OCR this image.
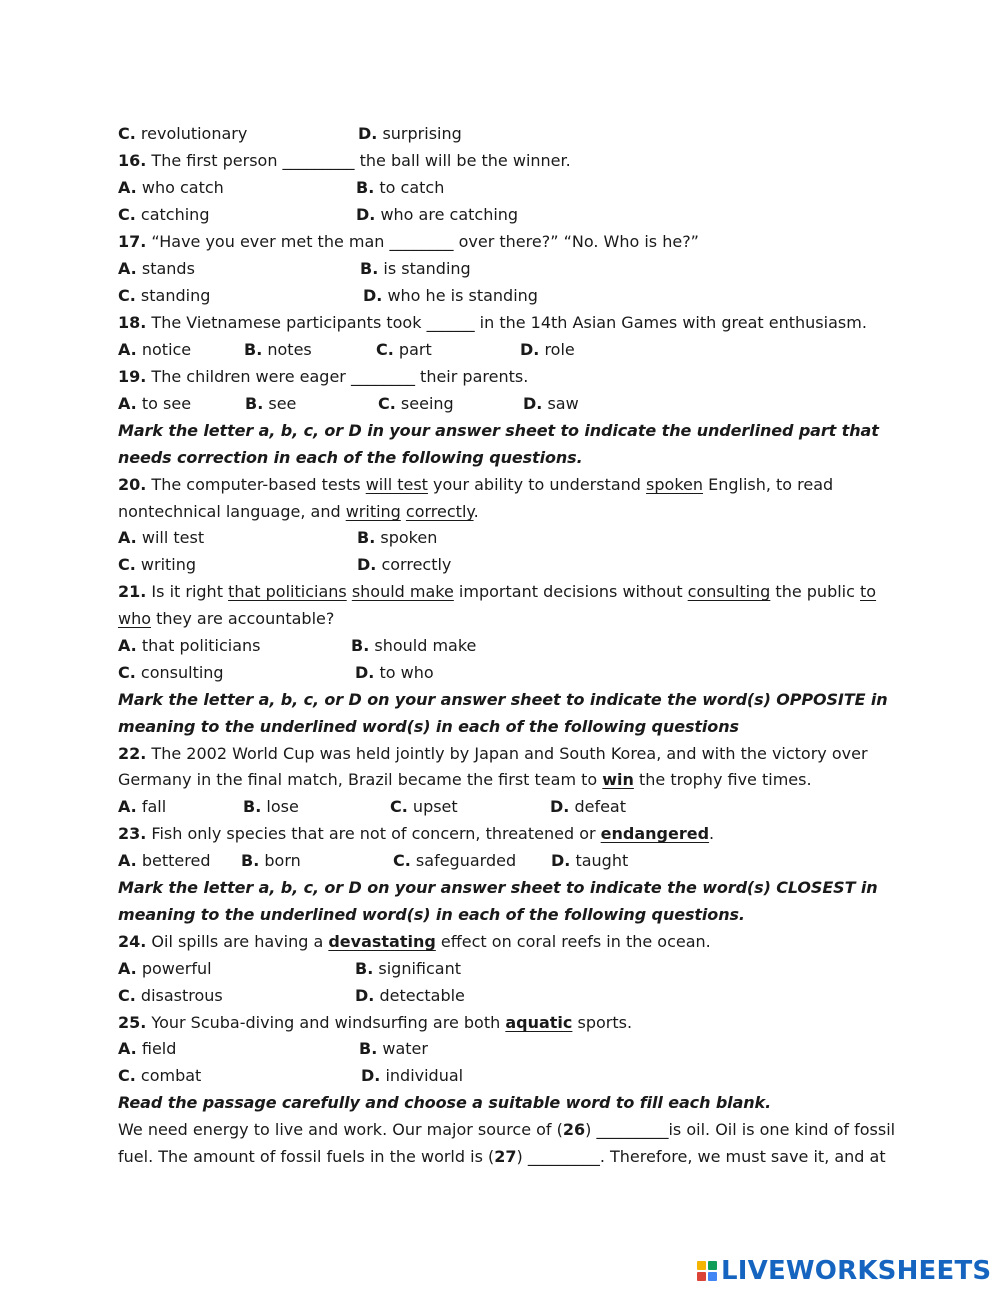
C. revolutionary	D. surprising
16. The first person _________ the ball will be the winner.
A. who catch	B. to catch
C. catching	D. who are catching
17. “Have you ever met the man ________ over there?” “No. Who is he?”
A. stands	B. is standing
C. standing	D. who he is standing
18. The Vietnamese participants took ______ in the 14th Asian Games with great enthusiasm.
A. notice	B. notes	C. part	D. role
19. The children were eager ________ their parents.
A. to see	B. see	C. seeing	D. saw
Mark the letter a, b, c, or D in your answer sheet to indicate the underlined part that
needs correction in each of the following questions.
20. The computer-based tests will test your ability to understand spoken English, to read
nontechnical language, and writing correctly.
A. will test	B. spoken
C. writing	D. correctly
21. Is it right that politicians should make important decisions without consulting the public to
who they are accountable?
A. that politicians	B. should make
C. consulting	D. to who
Mark the letter a, b, c, or D on your answer sheet to indicate the word(s) OPPOSITE in
meaning to the underlined word(s) in each of the following questions
22. The 2002 World Cup was held jointly by Japan and South Korea, and with the victory over
Germany in the final match, Brazil became the first team to win the trophy five times.
A. fall	B. lose	C. upset	D. defeat
23. Fish only species that are not of concern, threatened or endangered.
A. bettered B. born	C. safeguarded D. taught
Mark the letter a, b, c, or D on your answer sheet to indicate the word(s) CLOSEST in
meaning to the underlined word(s) in each of the following questions.
24. Oil spills are having a devastating effect on coral reefs in the ocean.
A. powerful	B. significant
C. disastrous	D. detectable
25. Your Scuba-diving and windsurfing are both aquatic sports.
A. field	B. water
C. combat	D. individual
Read the passage carefully and choose a suitable word to fill each blank.
We need energy to live and work. Our major source of (26) _________is oil. Oil is one kind of fossil
fuel. The amount of fossil fuels in the world is (27) _________. Therefore, we must save it, and at
LIVEWORKSHEETS
